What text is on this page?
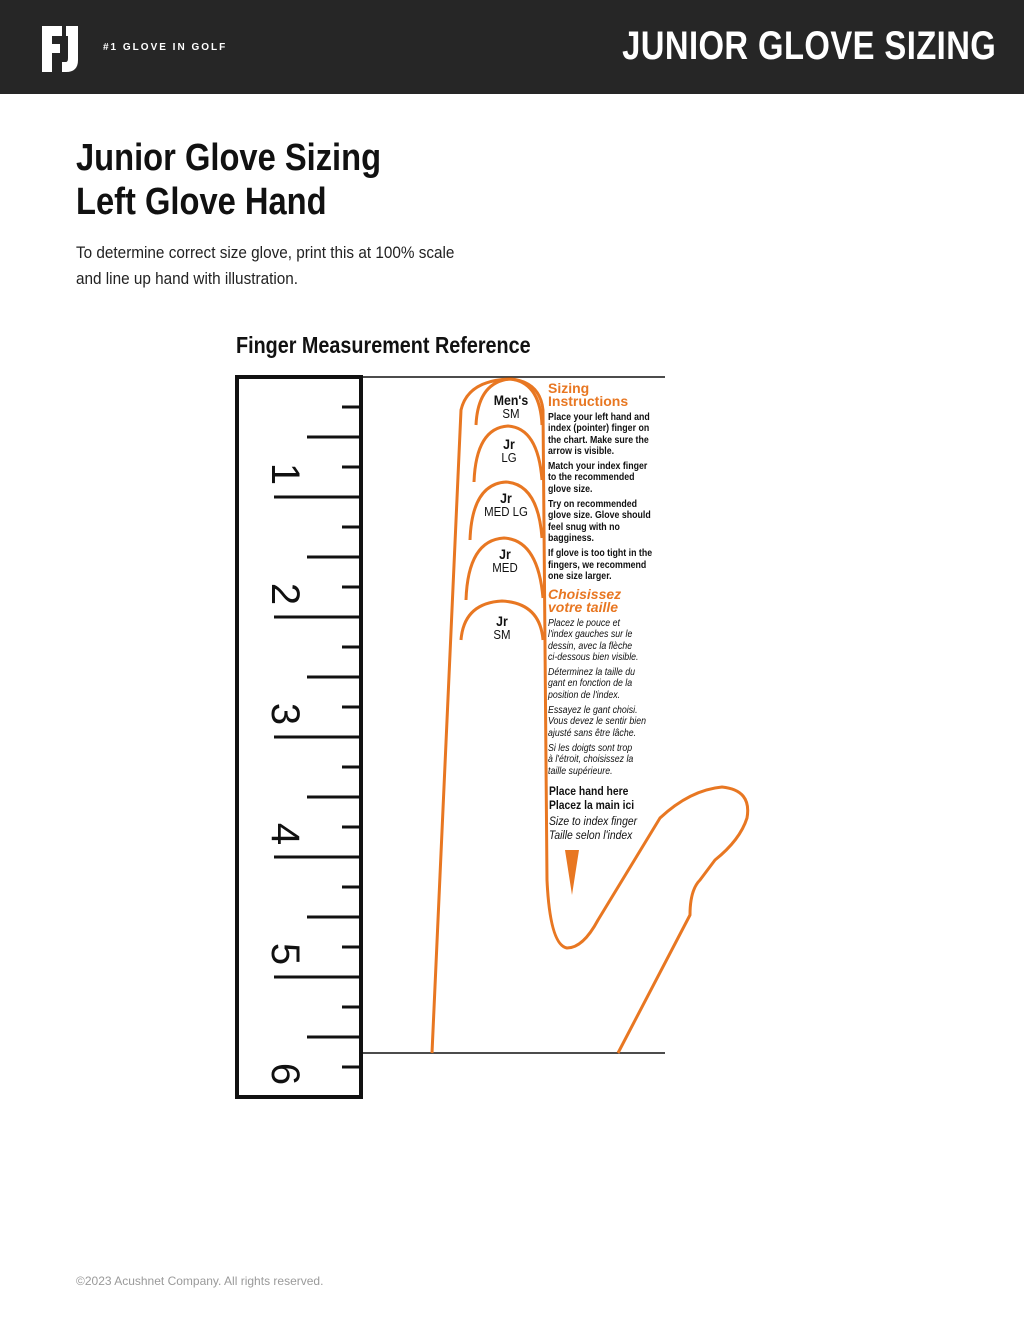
#1 GLOVE IN GOLF	JUNIOR GLOVE SIZING
Junior Glove Sizing
Left Glove Hand
To determine correct size glove, print this at 100% scale
and line up hand with illustration.
Finger Measurement Reference
1
2
3
4
5
6
Men's
SM
Jr
LG
Jr
MED LG
Jr
MED
Jr
SM
Sizing
Instructions
Place your left hand and
index (pointer) finger on
the chart. Make sure the
arrow is visible.
Match your index finger
to the recommended
glove size.
Try on recommended
glove size. Glove should
feel snug with no
bagginess.
If glove is too tight in the
fingers, we recommend
one size larger.
Choisissez
votre taille
Placez le pouce et
l'index gauches sur le
dessin, avec la flèche
ci-dessous bien visible.
Déterminez la taille du
gant en fonction de la
position de l'index.
Essayez le gant choisi.
Vous devez le sentir bien
ajusté sans être lâche.
Si les doigts sont trop
à l'étroit, choisissez la
taille supérieure.
Place hand here
Placez la main ici
Size to index finger
Taille selon l'index
©2023 Acushnet Company. All rights reserved.
